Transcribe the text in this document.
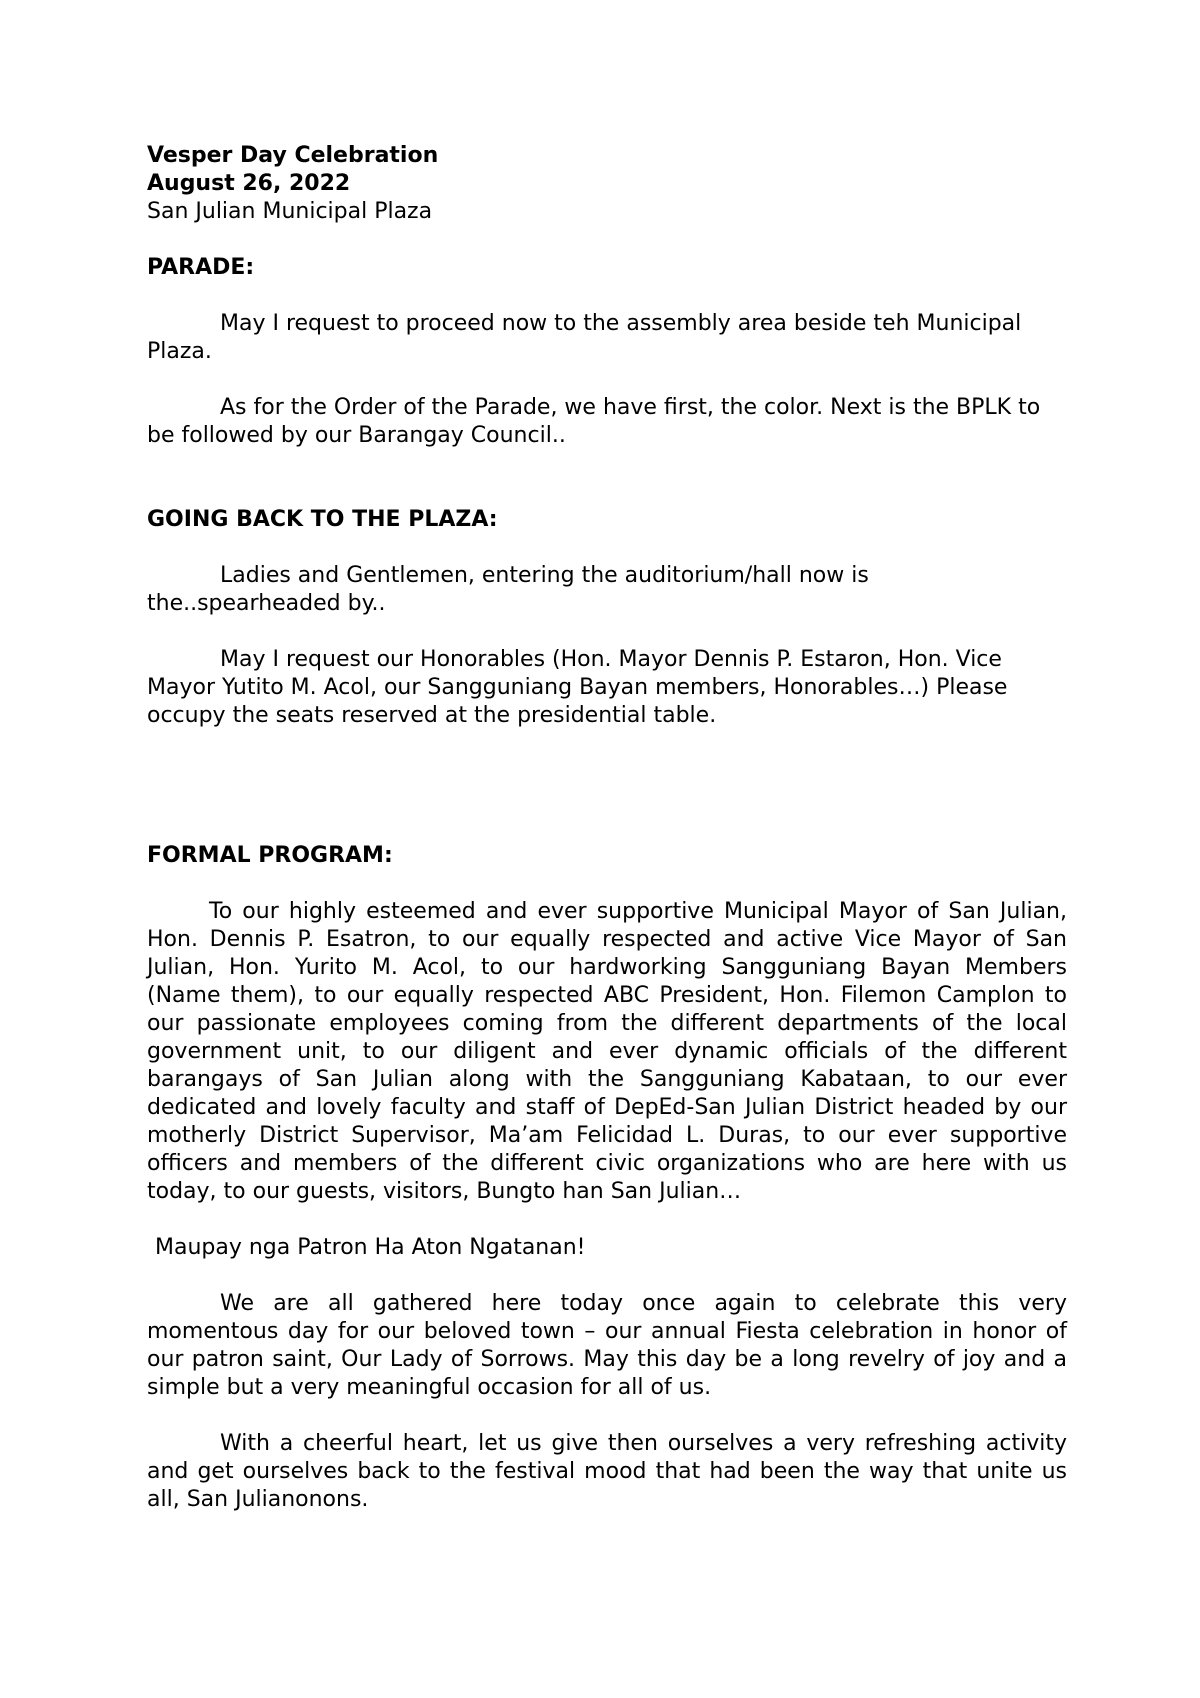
Vesper Day Celebration

August 26, 2022

San Julian Municipal Plaza

PARADE:

May I request to proceed now to the assembly area beside teh Municipal Plaza.

As for the Order of the Parade, we have first, the color. Next is the BPLK to be followed by our Barangay Council..

GOING BACK TO THE PLAZA:

Ladies and Gentlemen, entering the auditorium/hall now is the..spearheaded by..

May I request our Honorables (Hon. Mayor Dennis P. Estaron, Hon. Vice Mayor Yutito M. Acol, our Sangguniang Bayan members, Honorables…) Please occupy the seats reserved at the presidential table.

FORMAL PROGRAM:

To our highly esteemed and ever supportive Municipal Mayor of San Julian, Hon. Dennis P. Esatron, to our equally respected and active Vice Mayor of San Julian, Hon. Yurito M. Acol, to our hardworking Sangguniang Bayan Members (Name them), to our equally respected ABC President, Hon. Filemon Camplon to our passionate employees coming from the different departments of the local government unit, to our diligent and ever dynamic officials of the different barangays of San Julian along with the Sangguniang Kabataan, to our ever dedicated and lovely faculty and staff of DepEd-San Julian District headed by our motherly District Supervisor, Ma’am Felicidad L. Duras, to our ever supportive officers and members of the different civic organizations who are here with us today, to our guests, visitors, Bungto han San Julian…

Maupay nga Patron Ha Aton Ngatanan!

We are all gathered here today once again to celebrate this very momentous day for our beloved town – our annual Fiesta celebration in honor of our patron saint, Our Lady of Sorrows. May this day be a long revelry of joy and a simple but a very meaningful occasion for all of us.

With a cheerful heart, let us give then ourselves a very refreshing activity and get ourselves back to the festival mood that had been the way that unite us all, San Julianonons.
